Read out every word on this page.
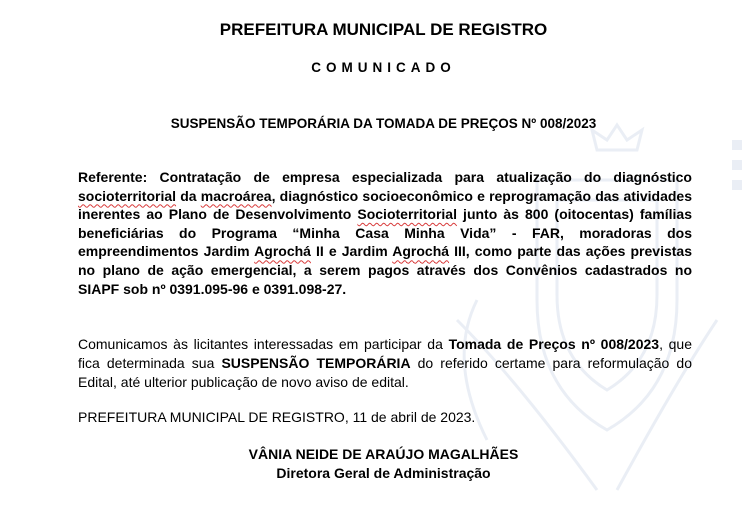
PREFEITURA MUNICIPAL DE REGISTRO
COMUNICADO
SUSPENSÃO TEMPORÁRIA DA TOMADA DE PREÇOS Nº 008/2023
Referente: Contratação de empresa especializada para atualização do diagnóstico socioterritorial da macroárea, diagnóstico socioeconômico e reprogramação das atividades inerentes ao Plano de Desenvolvimento Socioterritorial junto às 800 (oitocentas) famílias beneficiárias do Programa “Minha Casa Minha Vida” - FAR, moradoras dos empreendimentos Jardim Agrochá II e Jardim Agrochá III, como parte das ações previstas no plano de ação emergencial, a serem pagos através dos Convênios cadastrados no SIAPF sob nº 0391.095-96 e 0391.098-27.
Comunicamos às licitantes interessadas em participar da Tomada de Preços nº 008/2023, que fica determinada sua SUSPENSÃO TEMPORÁRIA do referido certame para reformulação do Edital, até ulterior publicação de novo aviso de edital.
PREFEITURA MUNICIPAL DE REGISTRO, 11 de abril de 2023.
VÂNIA NEIDE DE ARAÚJO MAGALHÃES
Diretora Geral de Administração
